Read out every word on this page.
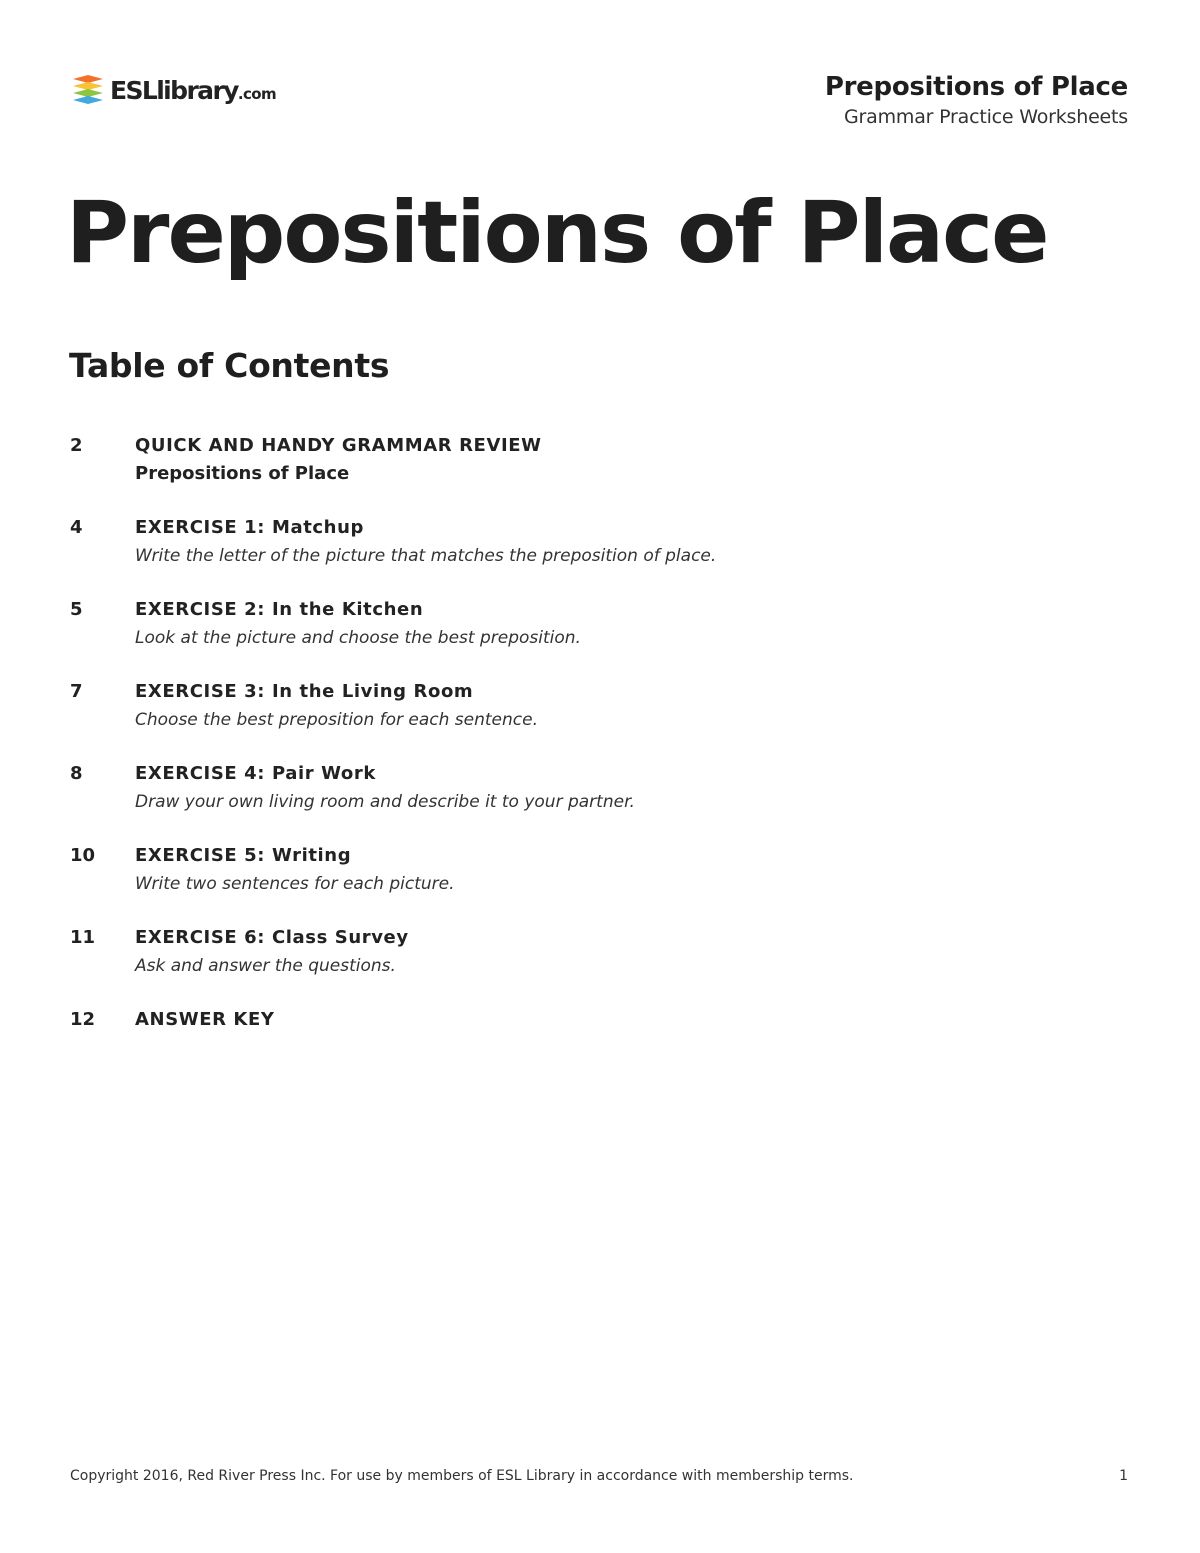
ESLlibrary.com	Prepositions of Place
Grammar Practice Worksheets
Prepositions of Place
Table of Contents
2	QUICK AND HANDY GRAMMAR REVIEW
Prepositions of Place
4	EXERCISE 1: Matchup
Write the letter of the picture that matches the preposition of place.
5	EXERCISE 2: In the Kitchen
Look at the picture and choose the best preposition.
7	EXERCISE 3: In the Living Room
Choose the best preposition for each sentence.
8	EXERCISE 4: Pair Work
Draw your own living room and describe it to your partner.
10 EXERCISE 5: Writing
Write two sentences for each picture.
11 EXERCISE 6: Class Survey
Ask and answer the questions.
12 ANSWER KEY
Copyright 2016, Red River Press Inc. For use by members of ESL Library in accordance with membership terms.	1
